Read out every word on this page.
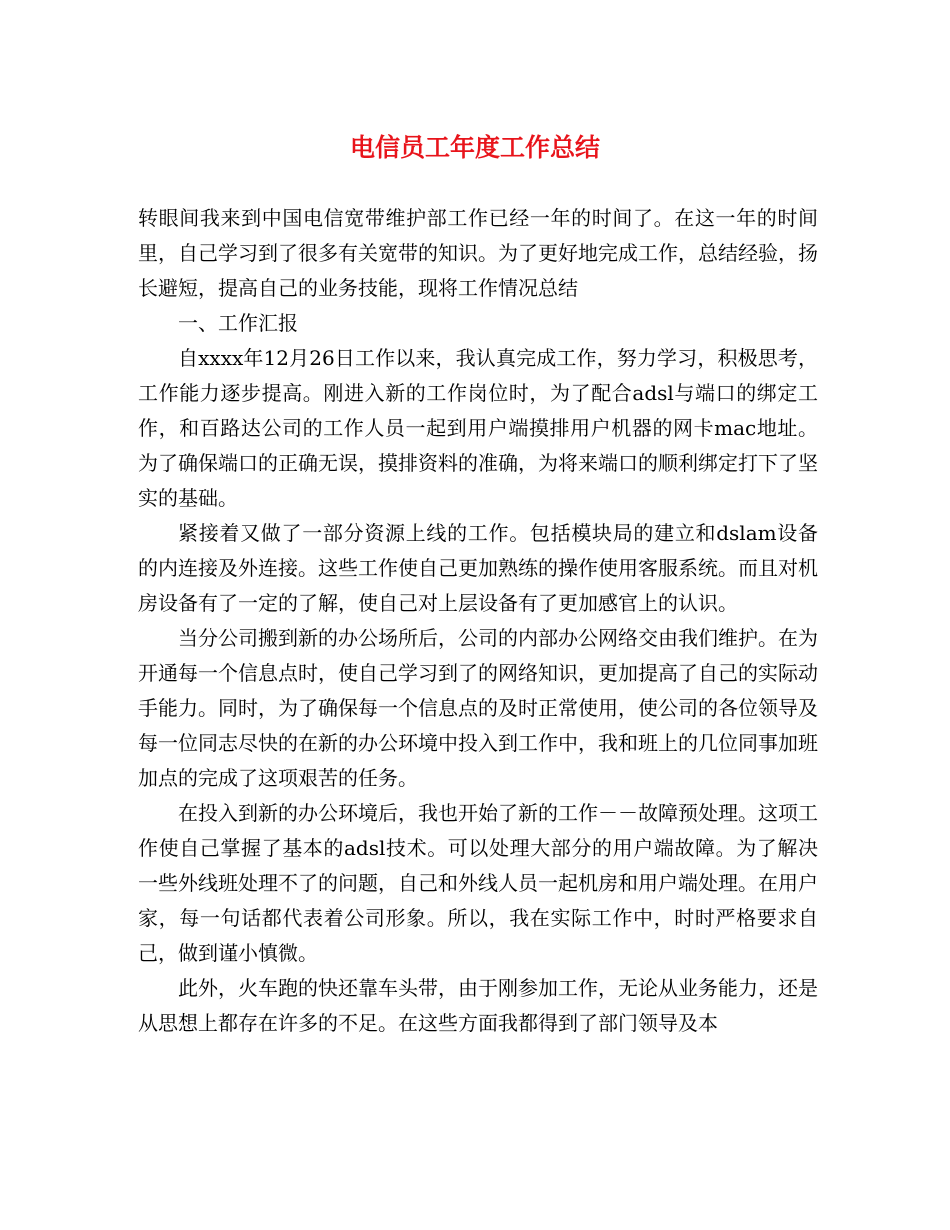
电信员工年度工作总结

转眼间我来到中国电信宽带维护部工作已经一年的时间了。在这一年的时间里，自己学习到了很多有关宽带的知识。为了更好地完成工作，总结经验，扬长避短，提高自己的业务技能，现将工作情况总结

一、工作汇报

自xxxx年12月26日工作以来，我认真完成工作，努力学习，积极思考，工作能力逐步提高。刚进入新的工作岗位时，为了配合adsl与端口的绑定工作，和百路达公司的工作人员一起到用户端摸排用户机器的网卡mac地址。为了确保端口的正确无误，摸排资料的准确，为将来端口的顺利绑定打下了坚实的基础。

紧接着又做了一部分资源上线的工作。包括模块局的建立和dslam设备的内连接及外连接。这些工作使自己更加熟练的操作使用客服系统。而且对机房设备有了一定的了解，使自己对上层设备有了更加感官上的认识。

当分公司搬到新的办公场所后，公司的内部办公网络交由我们维护。在为开通每一个信息点时，使自己学习到了的网络知识，更加提高了自己的实际动手能力。同时，为了确保每一个信息点的及时正常使用，使公司的各位领导及每一位同志尽快的在新的办公环境中投入到工作中，我和班上的几位同事加班加点的完成了这项艰苦的任务。

在投入到新的办公环境后，我也开始了新的工作－－故障预处理。这项工作使自己掌握了基本的adsl技术。可以处理大部分的用户端故障。为了解决一些外线班处理不了的问题，自己和外线人员一起机房和用户端处理。在用户家，每一句话都代表着公司形象。所以，我在实际工作中，时时严格要求自己，做到谨小慎微。

此外，火车跑的快还靠车头带，由于刚参加工作，无论从业务能力，还是从思想上都存在许多的不足。在这些方面我都得到了部门领导及本
